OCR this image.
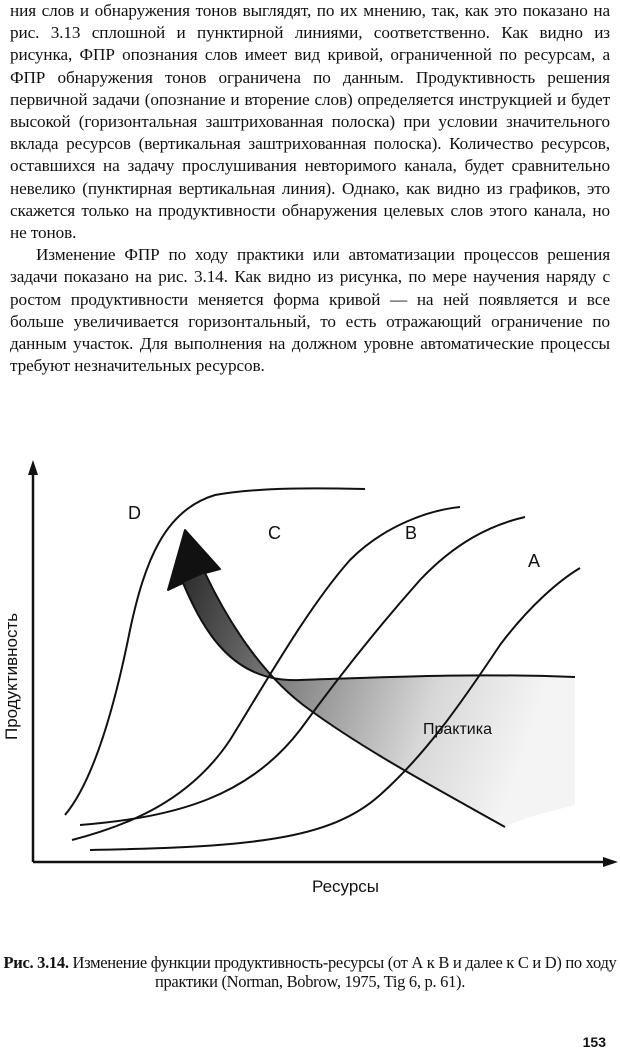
ния слов и обнаружения тонов выглядят, по их мнению, так, как это показано на рис. 3.13 сплошной и пунктирной линиями, соответственно. Как видно из рисунка, ФПР опознания слов имеет вид кривой, ограниченной по ресурсам, а ФПР обнаружения тонов ограничена по данным. Продуктивность решения первичной задачи (опознание и вторение слов) определяется инструкцией и будет высокой (горизонтальная заштрихованная полоска) при условии значительного вклада ресурсов (вертикальная заштрихованная полоска). Количество ресурсов, оставшихся на задачу прослушивания невторимого канала, будет сравнительно невелико (пунктирная вертикальная линия). Однако, как видно из графиков, это скажется только на продуктивности обнаружения целевых слов этого канала, но не тонов.

Изменение ФПР по ходу практики или автоматизации процессов решения задачи показано на рис. 3.14. Как видно из рисунка, по мере научения наряду с ростом продуктивности меняется форма кривой — на ней появляется и все больше увеличивается горизонтальный, то есть отражающий ограничение по данным участок. Для выполнения на должном уровне автоматические процессы требуют незначительных ресурсов.

D
C	B
A
Практика
Продуктивность
Ресурсы
Рис. 3.14. Изменение функции продуктивность-ресурсы (от А к В и далее к С и D) по ходу практики (Norman, Bobrow, 1975, Tig 6, p. 61).
153
